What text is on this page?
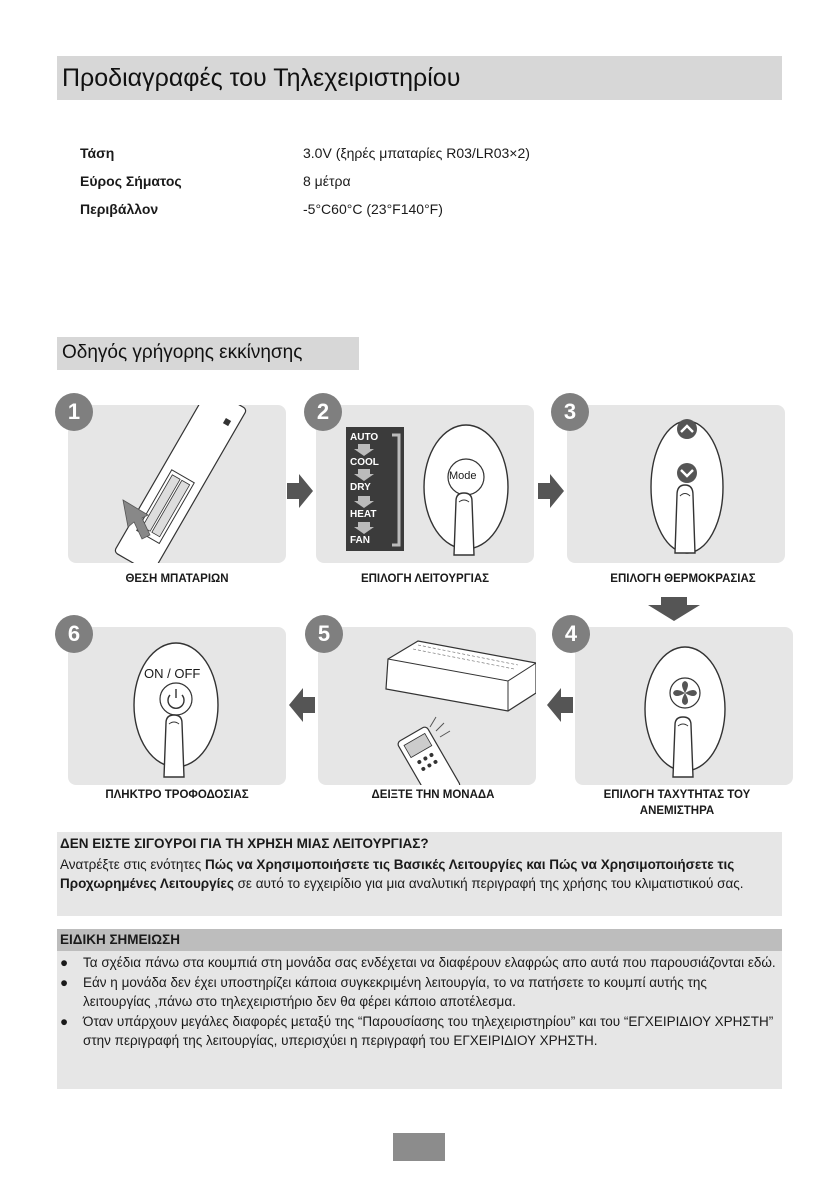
Προδιαγραφές του Τηλεχειριστηρίου
Τάση	3.0V (ξηρές μπαταρίες R03/LR03×2)
Εύρος Σήματος	8 μέτρα
Περιβάλλον	-5°C60°C (23°F140°F)
Οδηγός γρήγορης εκκίνησης
1
ΘΕΣΗ ΜΠΑΤΑΡΙΩΝ
AUTO
COOL
DRY
HEAT
FAN
Mode
2
ΕΠΙΛΟΓΗ ΛΕΙΤΟΥΡΓΙΑΣ
3
ΕΠΙΛΟΓΗ ΘΕΡΜΟΚΡΑΣΙΑΣ
ON / OFF
6
ΠΛΗΚΤΡΟ ΤΡΟΦΟΔΟΣΙΑΣ
5
ΔΕΙΞΤΕ ΤΗΝ ΜΟΝΑΔΑ
4
ΕΠΙΛΟΓΗ ΤΑΧΥΤΗΤΑΣ ΤΟΥ
ΑΝΕΜΙΣΤΗΡΑ
ΔΕΝ ΕΙΣΤΕ ΣΙΓΟΥΡΟΙ ΓΙΑ ΤΗ ΧΡΗΣΗ ΜΙΑΣ ΛΕΙΤΟΥΡΓΙΑΣ?
Ανατρέξτε στις ενότητες Πώς να Χρησιμοποιήσετε τις Βασικές Λειτουργίες και Πώς να Χρησιμοποιήσετε τις Προχωρημένες Λειτουργίες σε αυτό το εγχειρίδιο για μια αναλυτική περιγραφή της χρήσης του κλιματιστικού σας.
ΕΙΔΙΚΗ ΣΗΜΕΙΩΣΗ
● Τα σχέδια πάνω στα κουμπιά στη μονάδα σας ενδέχεται να διαφέρουν ελαφρώς απο αυτά που παρουσιάζονται εδώ.
● Εάν η μονάδα δεν έχει υποστηρίζει κάποια συγκεκριμένη λειτουργία, το να πατήσετε το κουμπί αυτής της λειτουργίας ,πάνω στο τηλεχειριστήριο δεν θα φέρει κάποιο αποτέλεσμα.
● Όταν υπάρχουν μεγάλες διαφορές μεταξύ της “Παρουσίασης του τηλεχειριστηρίου” και του “ΕΓΧΕΙΡΙΔΙΟΥ ΧΡΗΣΤΗ” στην περιγραφή της λειτουργίας, υπερισχύει η περιγραφή του ΕΓΧΕΙΡΙΔΙΟΥ ΧΡΗΣΤΗ.
